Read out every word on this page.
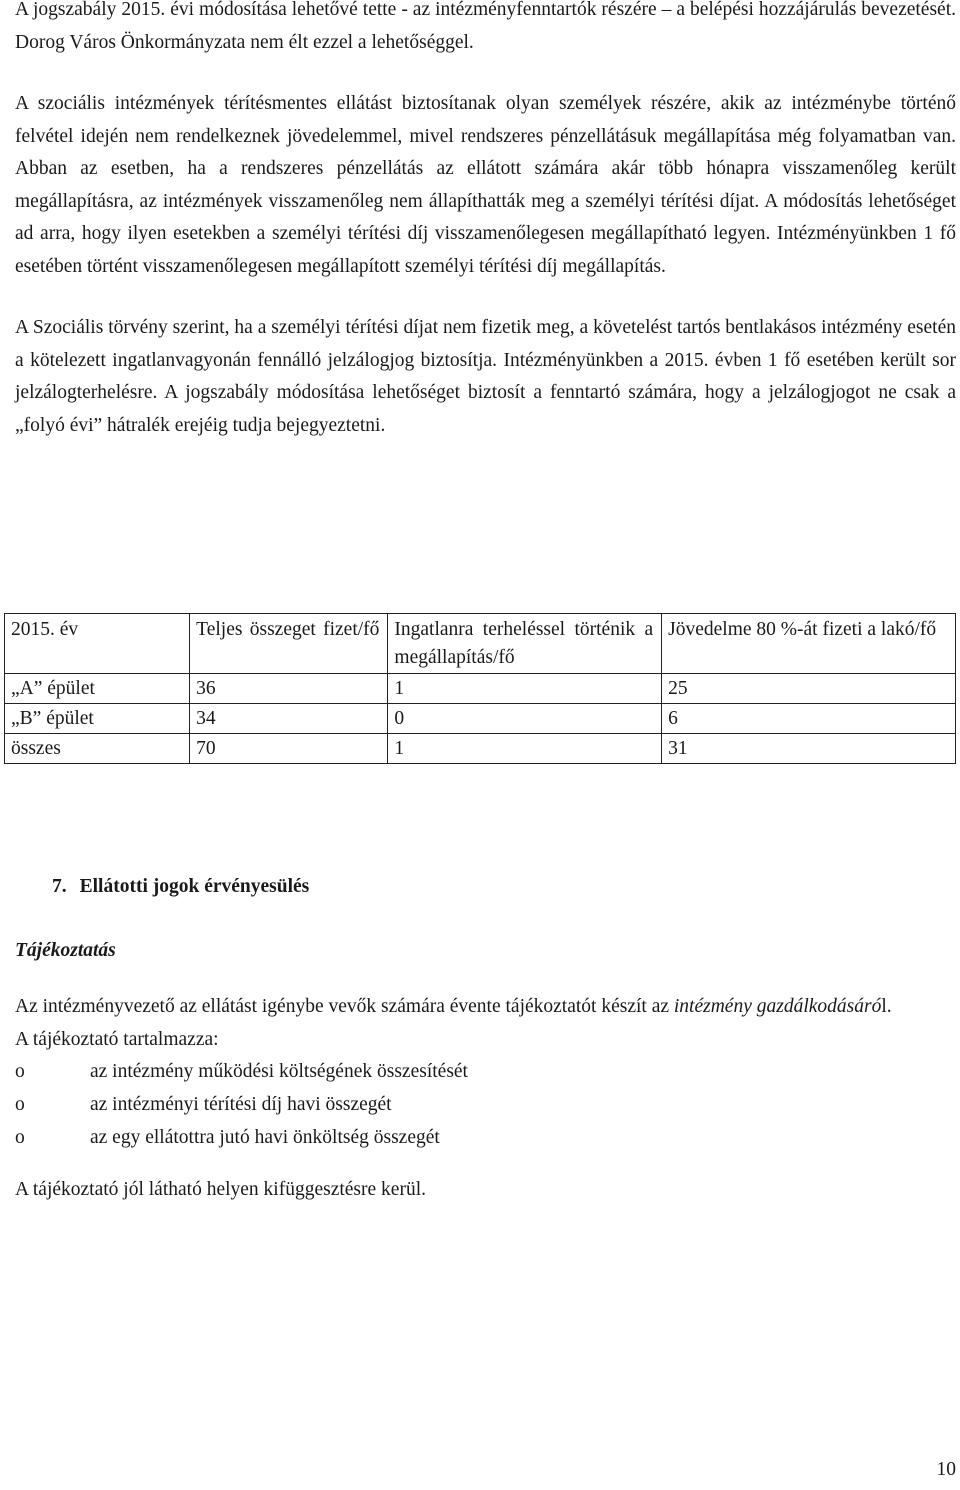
A jogszabály 2015. évi módosítása lehetővé tette - az intézményfenntartók részére – a belépési hozzájárulás bevezetését. Dorog Város Önkormányzata nem élt ezzel a lehetőséggel.

A szociális intézmények térítésmentes ellátást biztosítanak olyan személyek részére, akik az intézménybe történő felvétel idején nem rendelkeznek jövedelemmel, mivel rendszeres pénzellátásuk megállapítása még folyamatban van. Abban az esetben, ha a rendszeres pénzellátás az ellátott számára akár több hónapra visszamenőleg került megállapításra, az intézmények visszamenőleg nem állapíthatták meg a személyi térítési díjat. A módosítás lehetőséget ad arra, hogy ilyen esetekben a személyi térítési díj visszamenőlegesen megállapítható legyen. Intézményünkben 1 fő esetében történt visszamenőlegesen megállapított személyi térítési díj megállapítás.

A Szociális törvény szerint, ha a személyi térítési díjat nem fizetik meg, a követelést tartós bentlakásos intézmény esetén a kötelezett ingatlanvagyonán fennálló jelzálogjog biztosítja. Intézményünkben a 2015. évben 1 fő esetében került sor jelzálogterhelésre. A jogszabály módosítása lehetőséget biztosít a fenntartó számára, hogy a jelzálogjogot ne csak a „folyó évi” hátralék erejéig tudja bejegyeztetni.

2015. év	Teljes összeget fizet/fő	Ingatlanra terheléssel történik a megállapítás/fő	Jövedelme 80 %-át fizeti a lakó/fő
„A” épület	36	1	25
„B” épület	34	0	6
összes	70	1	31
7. Ellátotti jogok érvényesülés
Tájékoztatás

Az intézményvezető az ellátást igénybe vevők számára évente tájékoztatót készít az intézmény gazdálkodásáról.

A tájékoztató tartalmazza:

o	az intézmény működési költségének összesítését
o	az intézményi térítési díj havi összegét
o	az egy ellátottra jutó havi önköltség összegét

A tájékoztató jól látható helyen kifüggesztésre kerül.

10
